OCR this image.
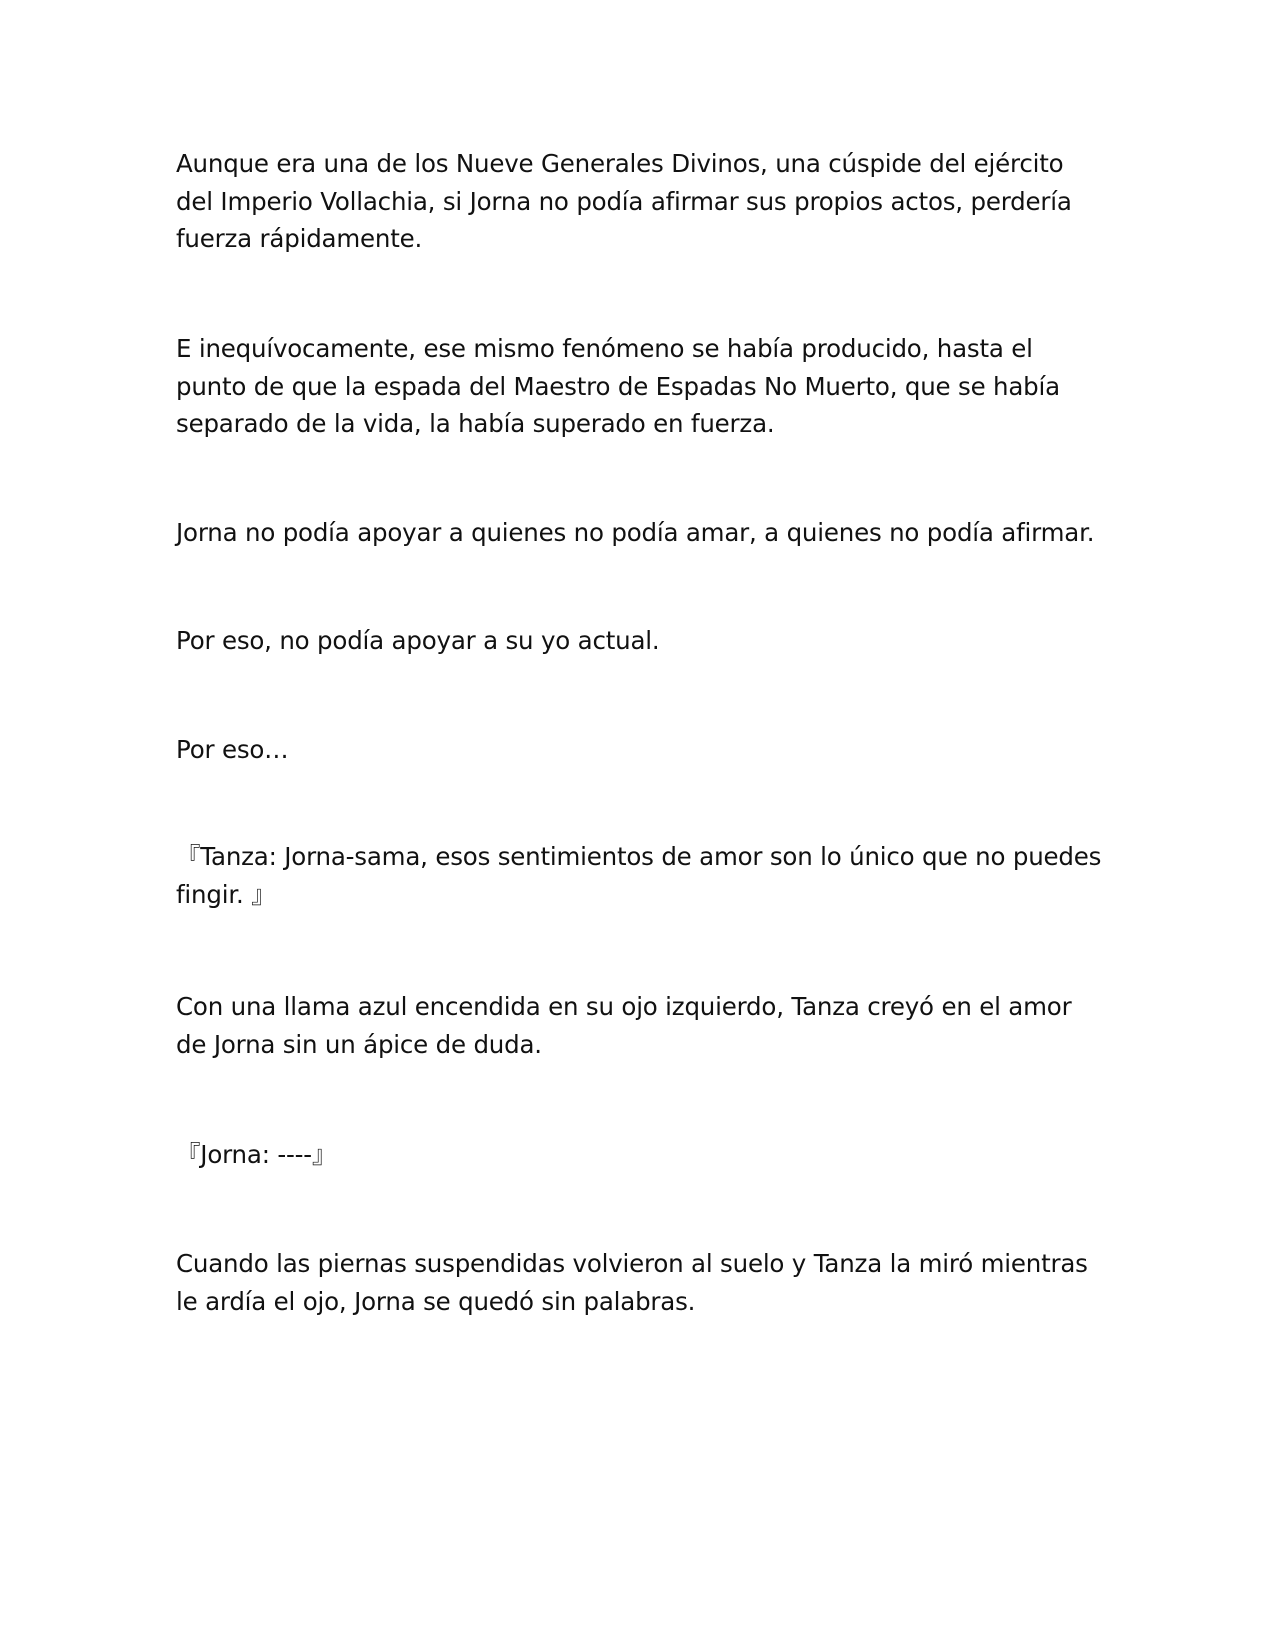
Aunque era una de los Nueve Generales Divinos, una cúspide del ejército del Imperio Vollachia, si Jorna no podía afirmar sus propios actos, perdería fuerza rápidamente.

E inequívocamente, ese mismo fenómeno se había producido, hasta el punto de que la espada del Maestro de Espadas No Muerto, que se había separado de la vida, la había superado en fuerza.

Jorna no podía apoyar a quienes no podía amar, a quienes no podía afirmar.

Por eso, no podía apoyar a su yo actual.

Por eso…

『Tanza: Jorna-sama, esos sentimientos de amor son lo único que no puedes fingir. 』

Con una llama azul encendida en su ojo izquierdo, Tanza creyó en el amor de Jorna sin un ápice de duda.

『Jorna: ----』

Cuando las piernas suspendidas volvieron al suelo y Tanza la miró mientras le ardía el ojo, Jorna se quedó sin palabras.
